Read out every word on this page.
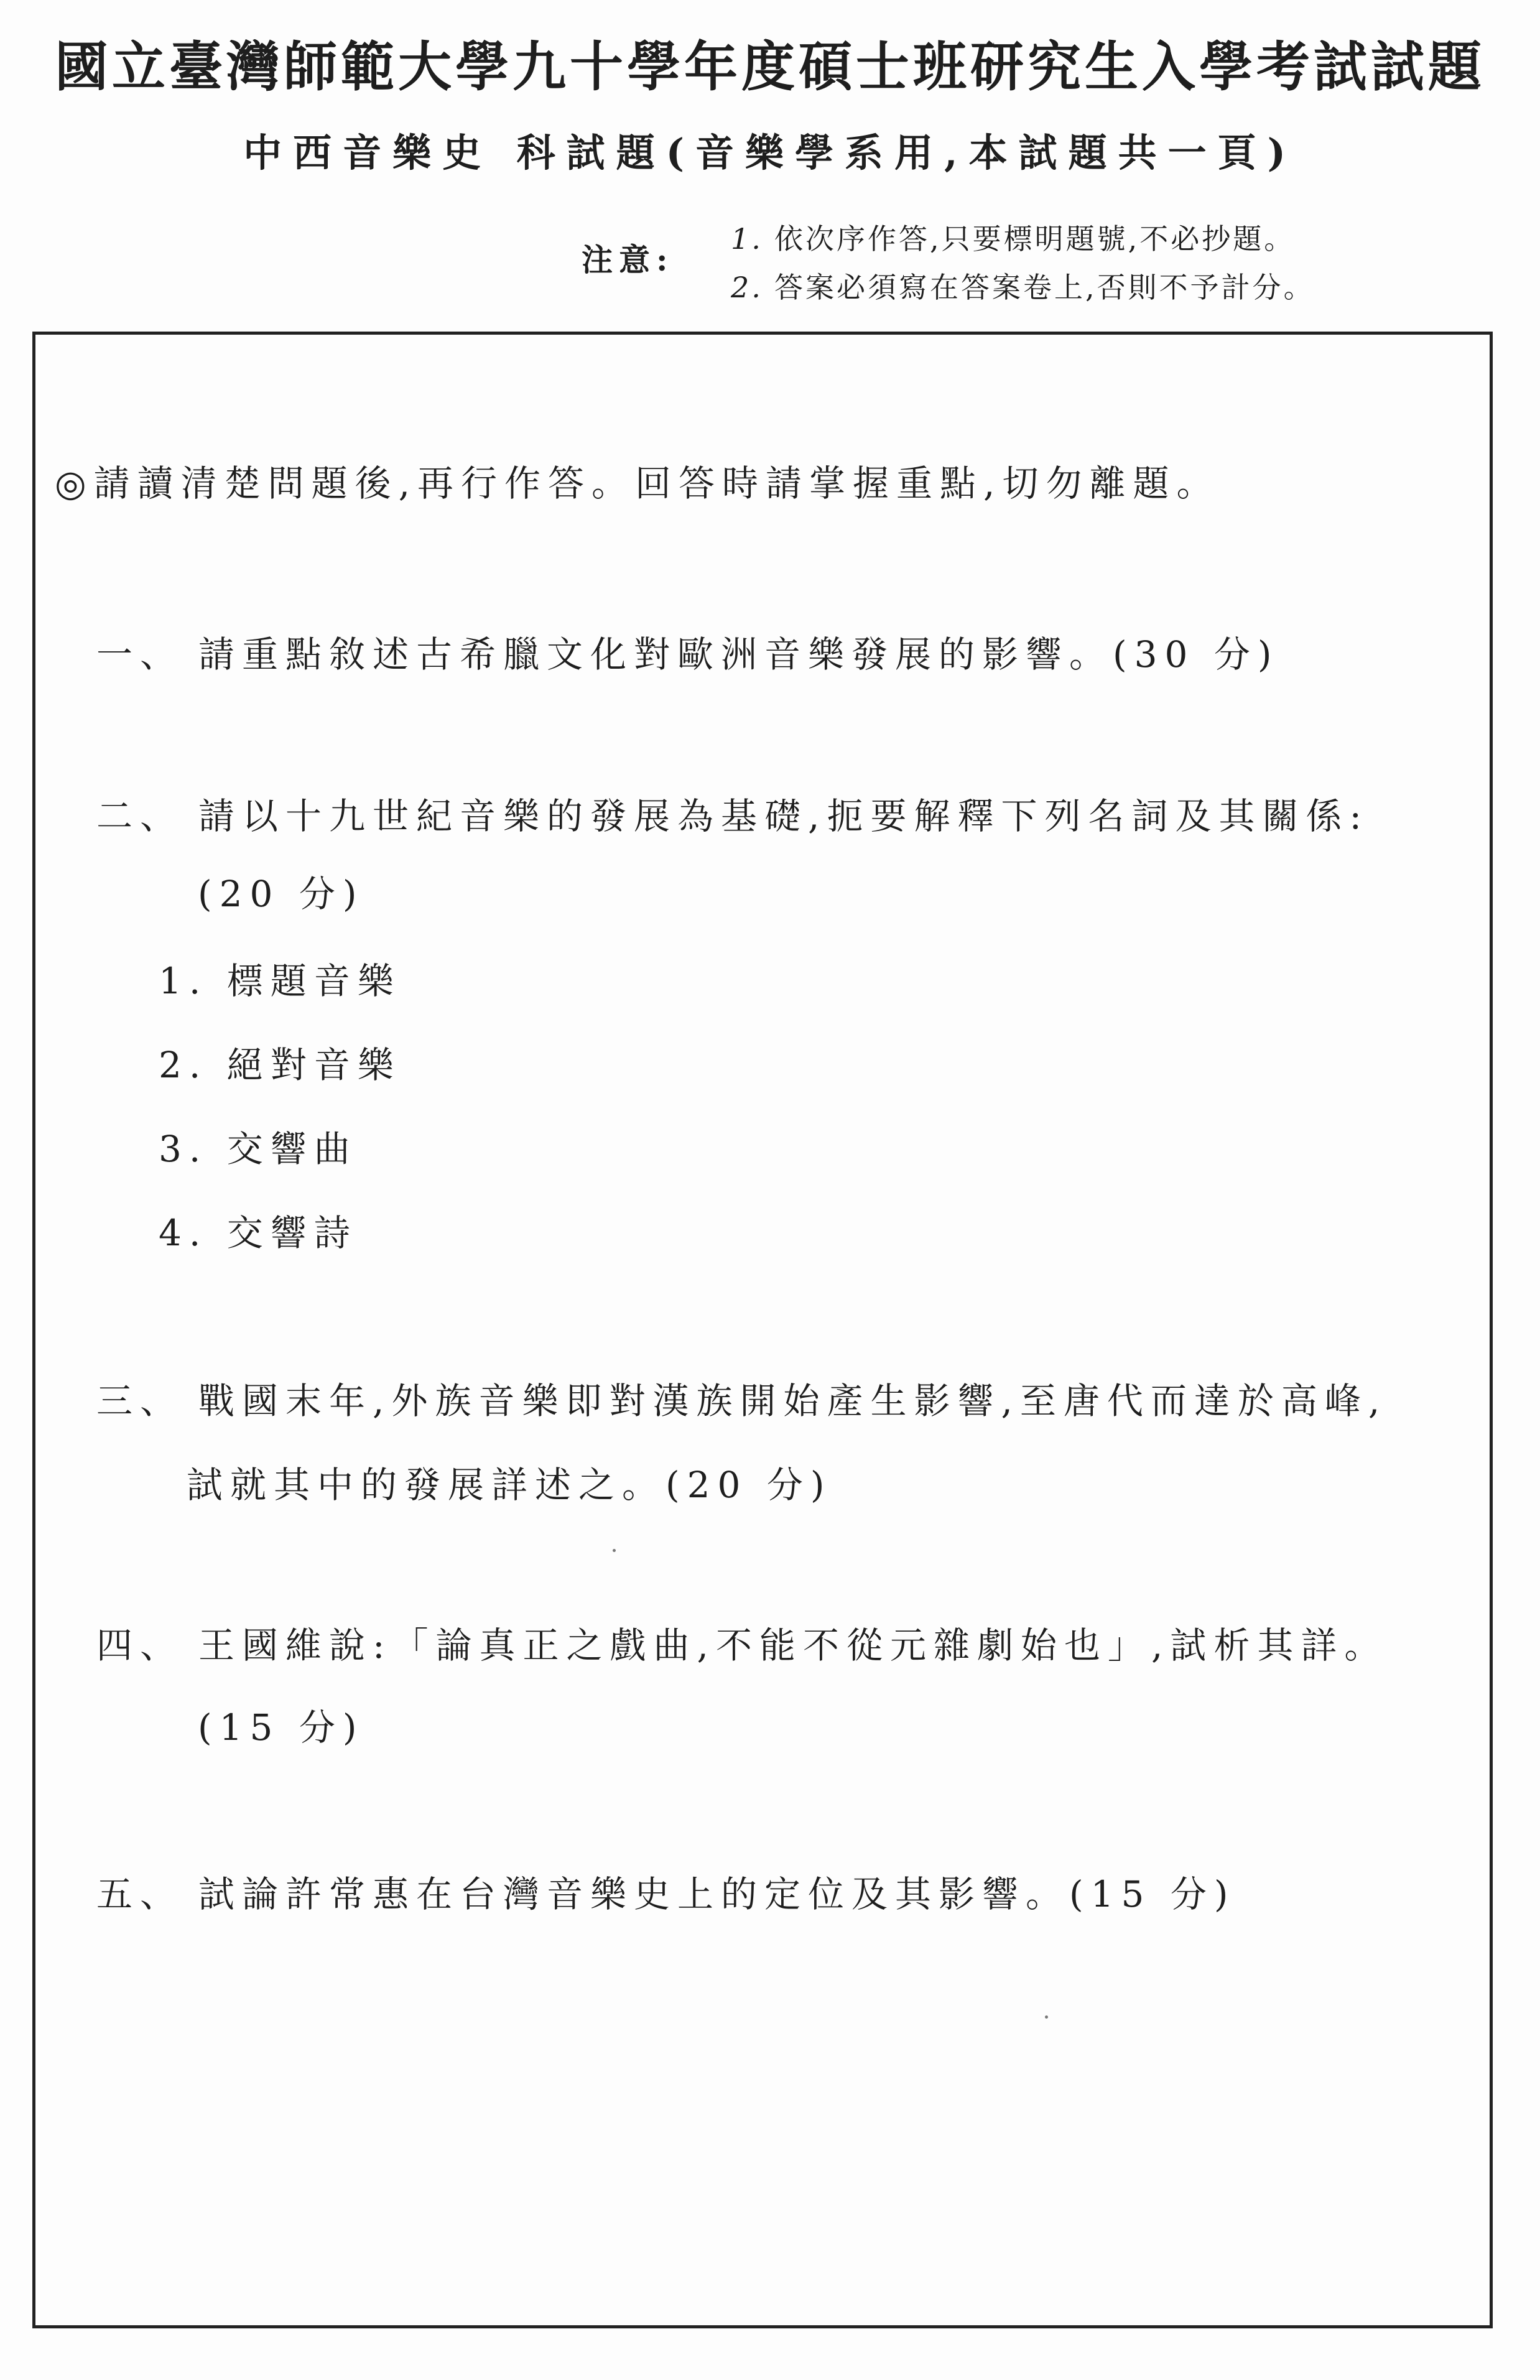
國立臺灣師範大學九十學年度碩士班研究生入學考試試題
中西音樂史 科試題(音樂學系用,本試題共一頁)
注意:
1. 依次序作答,只要標明題號,不必抄題。
2. 答案必須寫在答案卷上,否則不予計分。
◎請讀清楚問題後,再行作答。回答時請掌握重點,切勿離題。
一、 請重點敘述古希臘文化對歐洲音樂發展的影響。(30 分)
二、 請以十九世紀音樂的發展為基礎,扼要解釋下列名詞及其關係:
(20 分)
1. 標題音樂
2. 絕對音樂
3. 交響曲
4. 交響詩
三、 戰國末年,外族音樂即對漢族開始產生影響,至唐代而達於高峰,
試就其中的發展詳述之。(20 分)
四、 王國維說:「論真正之戲曲,不能不從元雜劇始也」,試析其詳。
(15 分)
五、 試論許常惠在台灣音樂史上的定位及其影響。(15 分)
